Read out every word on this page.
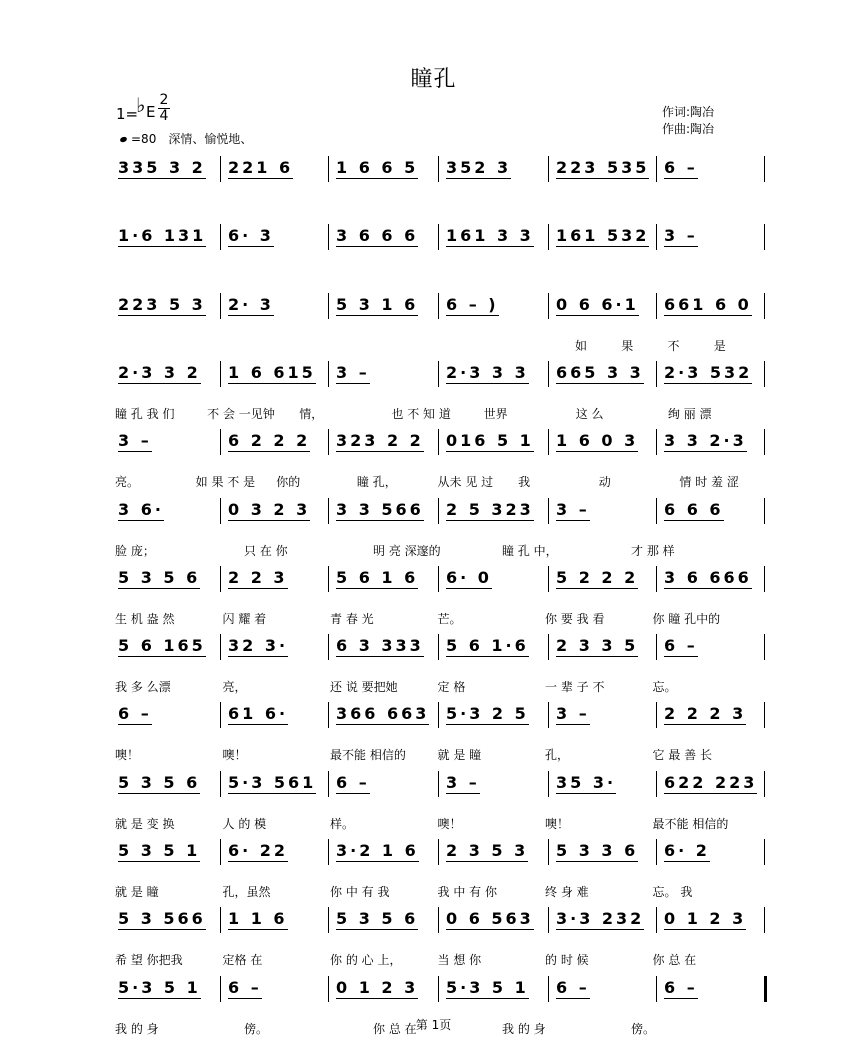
瞳孔
1=
♭ E
2
4
=80 深情、愉悦地、
作词:陶冶
作曲:陶冶
335 3 2 221 6	1 6 6 5 352 3	223 535 6 –
1·6 131 6· 3	3 6 6 6 161 3 3 161 532 3 –
223 5 3 2· 3	5 3 1 6 6 – )	0 6 6·1 661 6 0
如	果	不	是
2·3 3 2 1 6 615 3 –	2·3 3 3 665 3 3 2·3 532
瞳 孔 我 们	不 会 一见钟 情，	也 不 知 道	世界	这 么	绚 丽 漂
3 –	6 2 2 2 323 2 2 016 5 1 1 6 0 3 3 3 2·3
亮。	如 果 不 是 你的	瞳 孔，	从未 见 过 我	动	情 时 羞 涩
3 6·	0 3 2 3 3 3 566 2 5 323 3 –	6 6 6
脸 庞；	只 在 你	明 亮 深邃的	瞳 孔 中，	才 那 样
5 3 5 6 2 2 3	5 6 1 6 6· 0	5 2 2 2 3 6 666
生 机 盎 然	闪 耀 着	青 春 光	芒。	你 要 我 看	你 瞳 孔中的
5 6 165 32 3·	6 3 333 5 6 1·6 2 3 3 5 6 –
我 多 么漂	亮，	还 说 要把她	定 格	一 辈 子 不	忘。
6 –	61 6·	366 663 5·3 2 5 3 –	2 2 2 3
噢！	噢！	最不能 相信的	就 是 瞳	孔，	它 最 善 长
5 3 5 6 5·3 561 6 –	3 –	35 3·	622 223
就 是 变 换	人 的 模	样。	噢！	噢！	最不能 相信的
5 3 5 1 6· 22	3·2 1 6 2 3 5 3 5 3 3 6 6· 2
就 是 瞳	孔，虽然	你 中 有 我	我 中 有 你	终 身 难	忘。 我
5 3 566 1 1 6	5 3 5 6 0 6 563 3·3 232 0 1 2 3
希 望 你把我	定格 在	你 的 心 上，	当 想 你	的 时 候	你 总 在
5·3 5 1 6 –	0 1 2 3 5·3 5 1 6 –	6 –
我 的 身	傍。	你 总 在	我 的 身	傍。
第 1页
